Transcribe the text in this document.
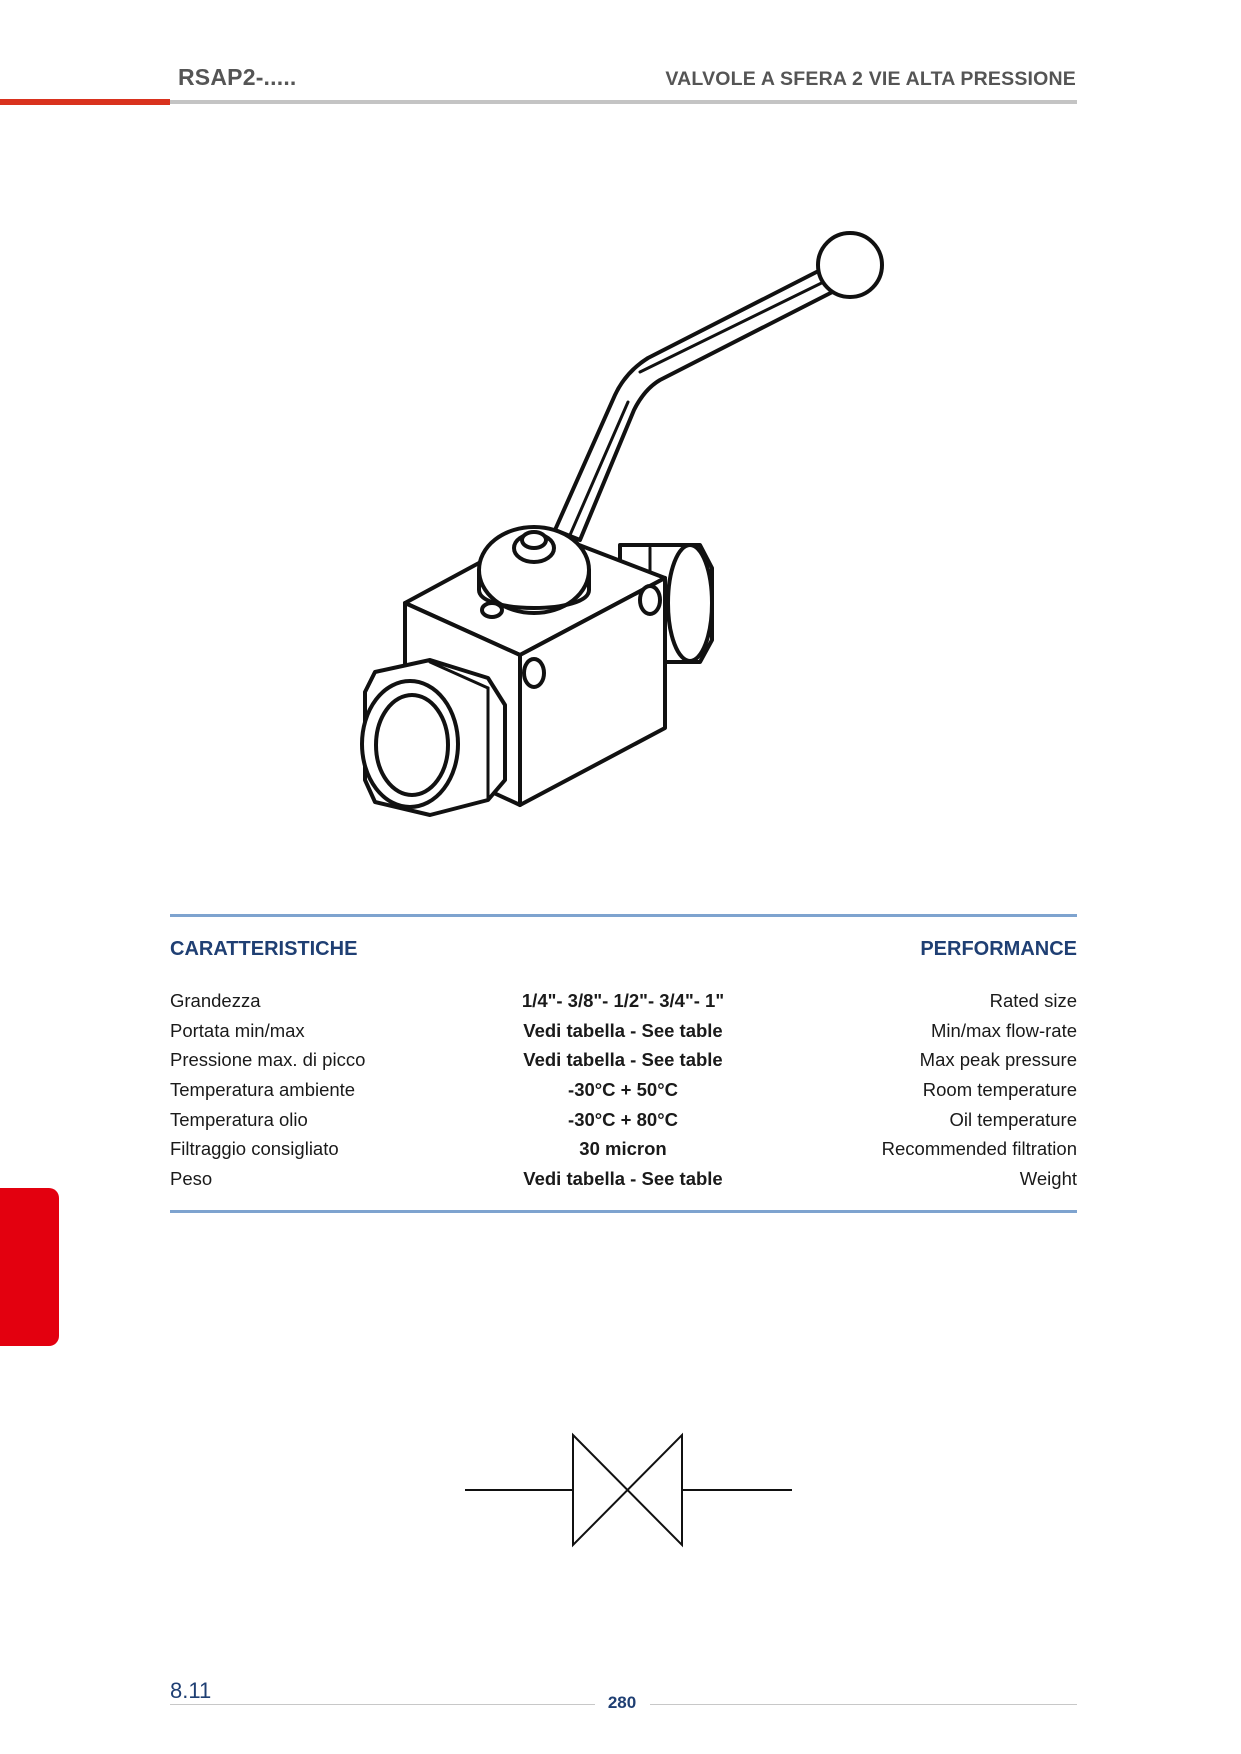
RSAP2-.....	VALVOLE A SFERA 2 VIE ALTA PRESSIONE
CARATTERISTICHE	PERFORMANCE
Grandezza	1/4"- 3/8"- 1/2"- 3/4"- 1"	Rated size
Portata min/max	Vedi tabella - See table	Min/max flow-rate
Pressione max. di picco	Vedi tabella - See table	Max peak pressure
Temperatura ambiente	-30°C + 50°C	Room temperature
Temperatura olio	-30°C + 80°C	Oil temperature
Filtraggio consigliato	30 micron	Recommended filtration
Peso	Vedi tabella - See table	Weight
8.11	280
